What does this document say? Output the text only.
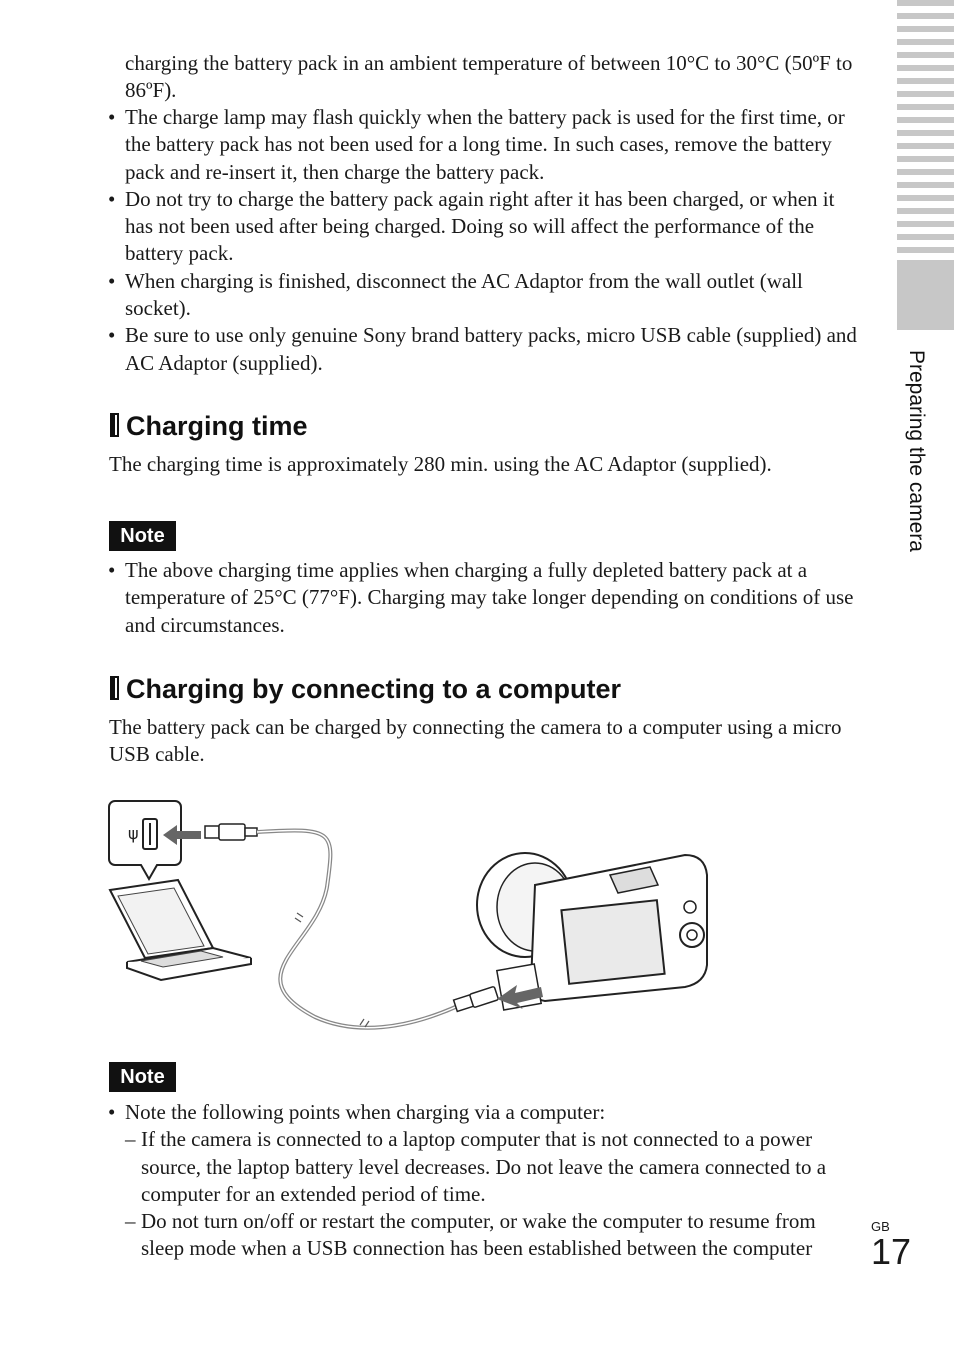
Preparing the camera
charging the battery pack in an ambient temperature of between 10°C to 30°C (50ºF to 86ºF).
• The charge lamp may flash quickly when the battery pack is used for the first time, or the battery pack has not been used for a long time. In such cases, remove the battery pack and re-insert it, then charge the battery pack.
• Do not try to charge the battery pack again right after it has been charged, or when it has not been used after being charged. Doing so will affect the performance of the battery pack.
• When charging is finished, disconnect the AC Adaptor from the wall outlet (wall socket).
• Be sure to use only genuine Sony brand battery packs, micro USB cable (supplied) and AC Adaptor (supplied).
Charging time
The charging time is approximately 280 min. using the AC Adaptor (supplied).
Note
• The above charging time applies when charging a fully depleted battery pack at a temperature of 25°C (77°F). Charging may take longer depending on conditions of use and circumstances.
Charging by connecting to a computer
The battery pack can be charged by connecting the camera to a computer using a micro USB cable.
ψ
Note
• Note the following points when charging via a computer:
– If the camera is connected to a laptop computer that is not connected to a power source, the laptop battery level decreases. Do not leave the camera connected to a computer for an extended period of time.
– Do not turn on/off or restart the computer, or wake the computer to resume from sleep mode when a USB connection has been established between the computer
GB
17
